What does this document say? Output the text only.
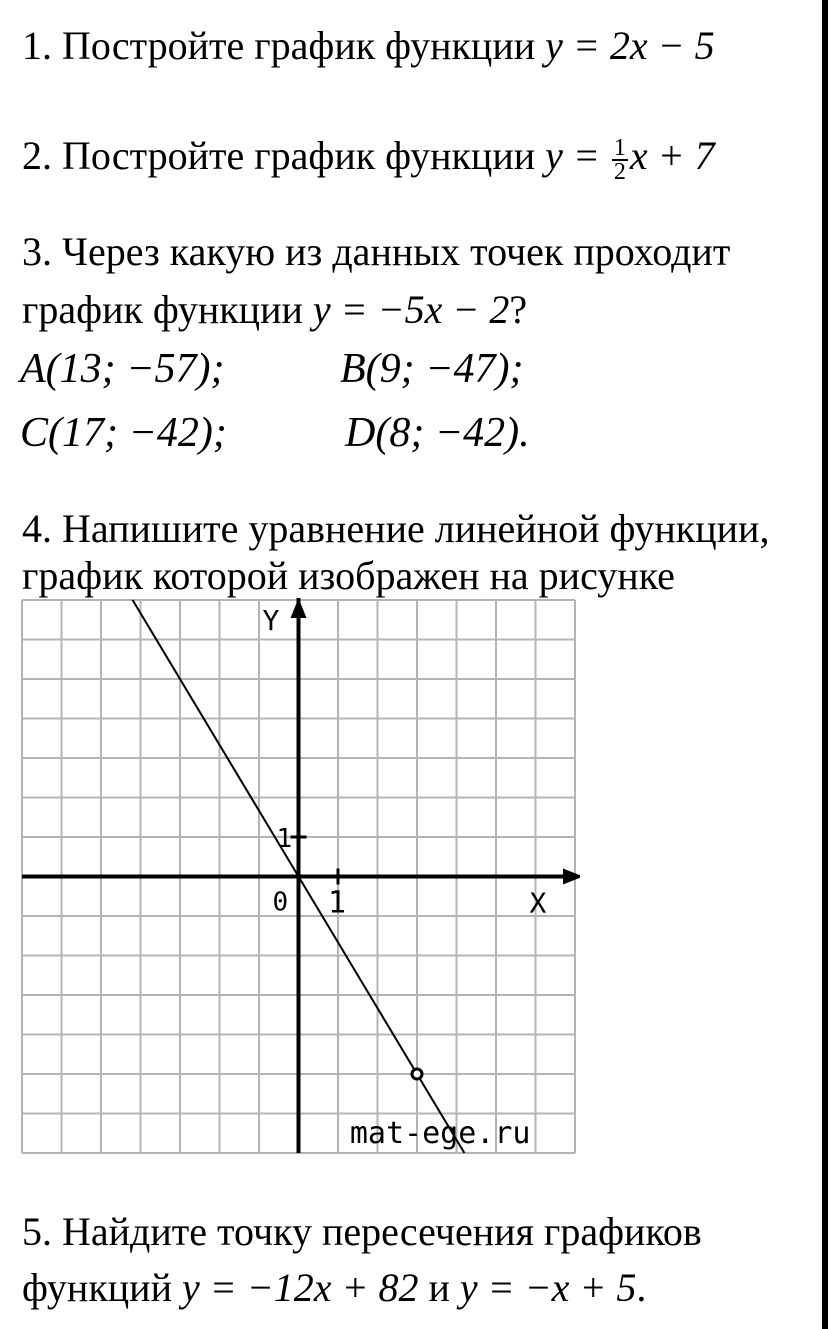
1. Постройте график функции y = 2x − 5
2. Постройте график функции $y = \frac{1}{2}$ x + 7
3. Через какую из данных точек проходит
график функции y = −5x − 2?
A(13; −57);	B(9; −47);
C(17; −42);	D(8; −42).
4. Напишите уравнение линейной функции,
график которой изображен на рисунке
Y
X
0 1
1
mat-ege.ru
5. Найдите точку пересечения графиков
функций y = −12x + 82 и y = −x + 5.
